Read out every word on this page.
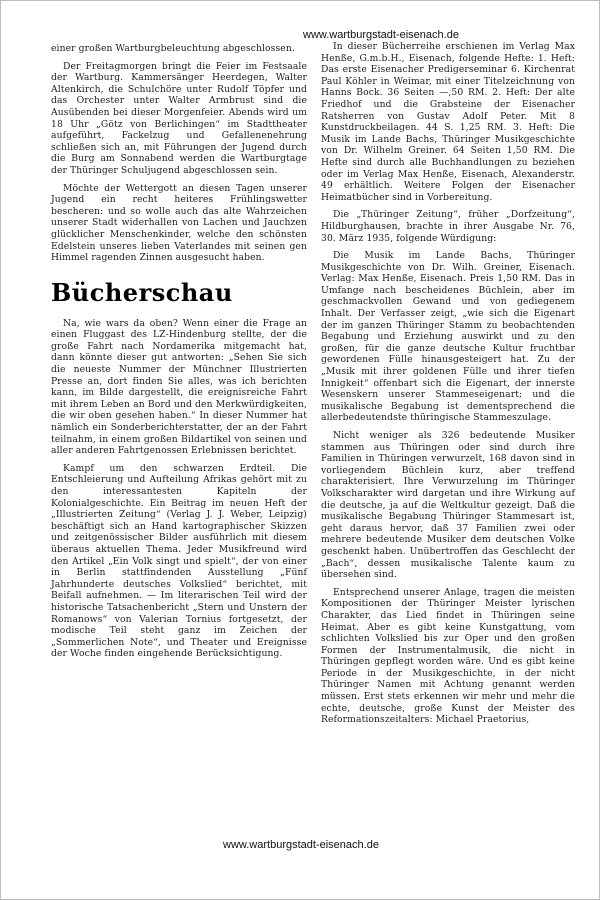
www.wartburgstadt-eisenach.de

einer großen Wartburgbeleuchtung abgeschlossen.

Der Freitagmorgen bringt die Feier im Festsaale der Wartburg. Kammersänger Heerdegen, Walter Altenkirch, die Schulchöre unter Rudolf Töpfer und das Orchester unter Walter Armbrust sind die Ausübenden bei dieser Morgenfeier. Abends wird um 18 Uhr „Götz von Berlichingen“ im Stadttheater aufgeführt, Fackelzug und Gefallenenehrung schließen sich an, mit Führungen der Jugend durch die Burg am Sonnabend werden die Wartburgtage der Thüringer Schuljugend abgeschlossen sein.

Möchte der Wettergott an diesen Tagen unserer Jugend ein recht heiteres Frühlingswetter bescheren: und so wolle auch das alte Wahrzeichen unserer Stadt widerhallen von Lachen und Jauchzen glücklicher Menschenkinder, welche den schönsten Edelstein unseres lieben Vaterlandes mit seinen gen Himmel ragenden Zinnen ausgesucht haben.

Bücherschau

Na, wie wars da oben? Wenn einer die Frage an einen Fluggast des LZ-Hindenburg stellte, der die große Fahrt nach Nordamerika mitgemacht hat, dann könnte dieser gut antworten: „Sehen Sie sich die neueste Nummer der Münchner Illustrierten Presse an, dort finden Sie alles, was ich berichten kann, im Bilde dargestellt, die ereignisreiche Fahrt mit ihrem Leben an Bord und den Merkwürdigkeiten, die wir oben gesehen haben.“ In dieser Nummer hat nämlich ein Sonderberichterstatter, der an der Fahrt teilnahm, in einem großen Bildartikel von seinen und aller anderen Fahrtgenossen Erlebnissen berichtet.

Kampf um den schwarzen Erdteil. Die Entschleierung und Aufteilung Afrikas gehört mit zu den interessantesten Kapiteln der Kolonialgeschichte. Ein Beitrag im neuen Heft der „Illustrierten Zeitung“ (Verlag J. J. Weber, Leipzig) beschäftigt sich an Hand kartographischer Skizzen und zeitgenössischer Bilder ausführlich mit diesem überaus aktuellen Thema. Jeder Musikfreund wird den Artikel „Ein Volk singt und spielt“, der von einer in Berlin stattfindenden Ausstellung „Fünf Jahrhunderte deutsches Volkslied“ berichtet, mit Beifall aufnehmen. — Im literarischen Teil wird der historische Tatsachenbericht „Stern und Unstern der Romanows“ von Valerian Tornius fortgesetzt, der modische Teil steht ganz im Zeichen der „Sommerlichen Note“, und Theater und Ereignisse der Woche finden eingehende Berücksichtigung.

In dieser Bücherreihe erschienen im Verlag Max Henße, G.m.b.H., Eisenach, folgende Hefte: 1. Heft: Das erste Eisenacher Predigerseminar 6. Kirchenrat Paul Köhler in Weimar, mit einer Titelzeichnung von Hanns Bock. 36 Seiten —,50 RM. 2. Heft: Der alte Friedhof und die Grabsteine der Eisenacher Ratsherren von Gustav Adolf Peter. Mit 8 Kunstdruckbeilagen. 44 S. 1,25 RM. 3. Heft: Die Musik im Lande Bachs, Thüringer Musikgeschichte von Dr. Wilhelm Greiner. 64 Seiten 1,50 RM. Die Hefte sind durch alle Buchhandlungen zu beziehen oder im Verlag Max Henße, Eisenach, Alexanderstr. 49 erhältlich. Weitere Folgen der Eisenacher Heimatbücher sind in Vorbereitung.

Die „Thüringer Zeitung“, früher „Dorfzeitung“, Hildburghausen, brachte in ihrer Ausgabe Nr. 76, 30. März 1935, folgende Würdigung:

Die Musik im Lande Bachs, Thüringer Musikgeschichte von Dr. Wilh. Greiner, Eisenach. Verlag: Max Henße, Eisenach. Preis 1,50 RM. Das in Umfange nach bescheidenes Büchlein, aber im geschmackvollen Gewand und von gediegenem Inhalt. Der Verfasser zeigt, „wie sich die Eigenart der im ganzen Thüringer Stamm zu beobachtenden Begabung und Erziehung auswirkt und zu den großen, für die ganze deutsche Kultur fruchtbar gewordenen Fülle hinausgesteigert hat. Zu der „Musik mit ihrer goldenen Fülle und ihrer tiefen Innigkeit“ offenbart sich die Eigenart, der innerste Wesenskern unserer Stammeseigenart; und die musikalische Begabung ist dementsprechend die allerbedeutendste thüringische Stammeszulage.

Nicht weniger als 326 bedeutende Musiker stammen aus Thüringen oder sind durch ihre Familien in Thüringen verwurzelt, 168 davon sind in vorliegendem Büchlein kurz, aber treffend charakterisiert. Ihre Verwurzelung im Thüringer Volkscharakter wird dargetan und ihre Wirkung auf die deutsche, ja auf die Weltkultur gezeigt. Daß die musikalische Begabung Thüringer Stammesart ist, geht daraus hervor, daß 37 Familien zwei oder mehrere bedeutende Musiker dem deutschen Volke geschenkt haben. Unübertroffen das Geschlecht der „Bach“, dessen musikalische Talente kaum zu übersehen sind.

Entsprechend unserer Anlage, tragen die meisten Kompositionen der Thüringer Meister lyrischen Charakter, das Lied findet in Thüringen seine Heimat. Aber es gibt keine Kunstgattung, vom schlichten Volkslied bis zur Oper und den großen Formen der Instrumentalmusik, die nicht in Thüringen gepflegt worden wäre. Und es gibt keine Periode in der Musikgeschichte, in der nicht Thüringer Namen mit Achtung genannt werden müssen. Erst stets erkennen wir mehr und mehr die echte, deutsche, große Kunst der Meister des Reformationszeitalters: Michael Praetorius,

www.wartburgstadt-eisenach.de
